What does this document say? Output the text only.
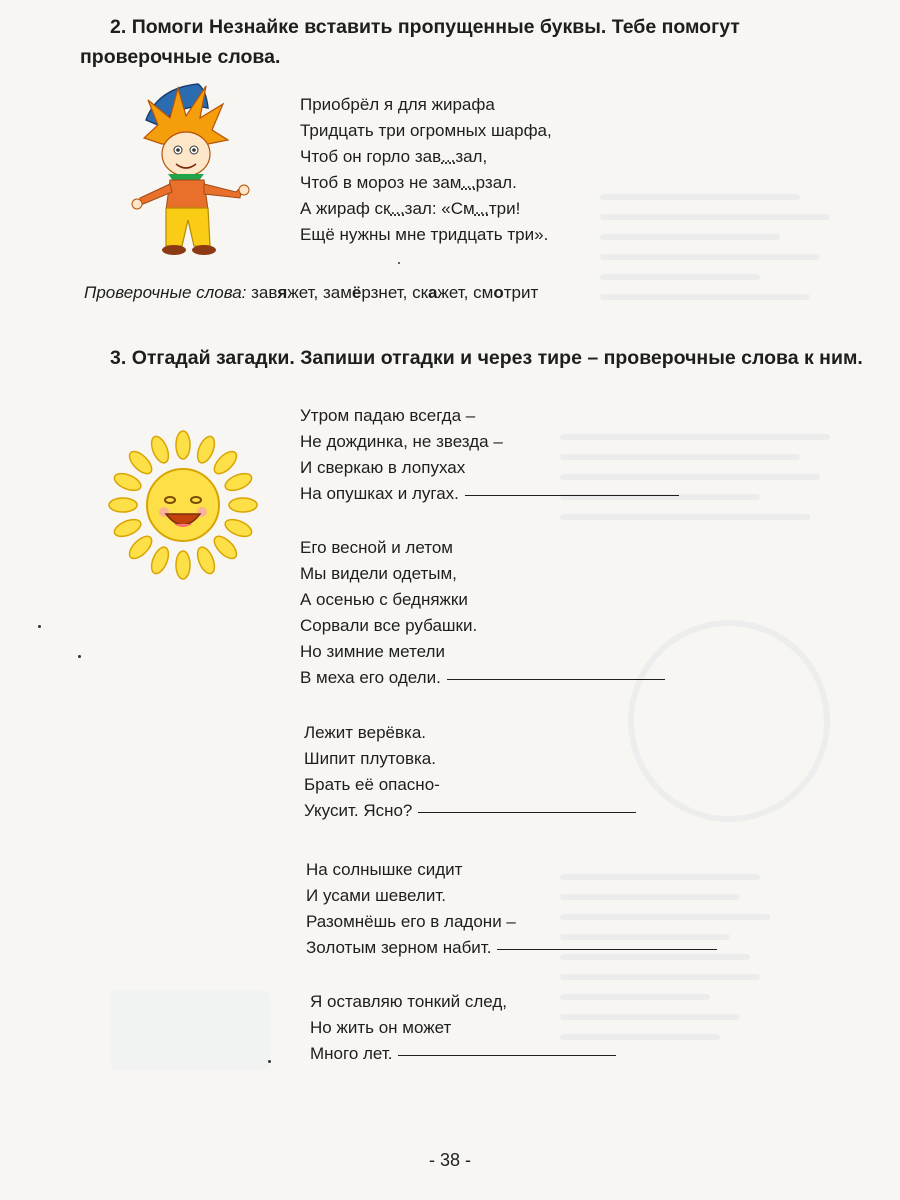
2. Помоги Незнайке вставить пропущенные буквы. Тебе помогут проверочные слова.
Приобрёл я для жирафа
Тридцать три огромных шарфа,
Чтоб он горло зав...зал,
Чтоб в мороз не зам...рзал.
А жираф ск...зал: «См...три!
Ещё нужны мне тридцать три».
Проверочные слова: завяжет, замёрзнет, скажет, смотрит
3. Отгадай загадки. Запиши отгадки и через тире – проверочные слова к ним.
Утром падаю всегда –
Не дождинка, не звезда –
И сверкаю в лопухах
На опушках и лугах.
Его весной и летом
Мы видели одетым,
А осенью с бедняжки
Сорвали все рубашки.
Но зимние метели
В меха его одели.
Лежит верёвка.
Шипит плутовка.
Брать её опасно-
Укусит. Ясно?
На солнышке сидит
И усами шевелит.
Разомнёшь его в ладони –
Золотым зерном набит.
Я оставляю тонкий след,
Но жить он может
Много лет.
- 38 -
